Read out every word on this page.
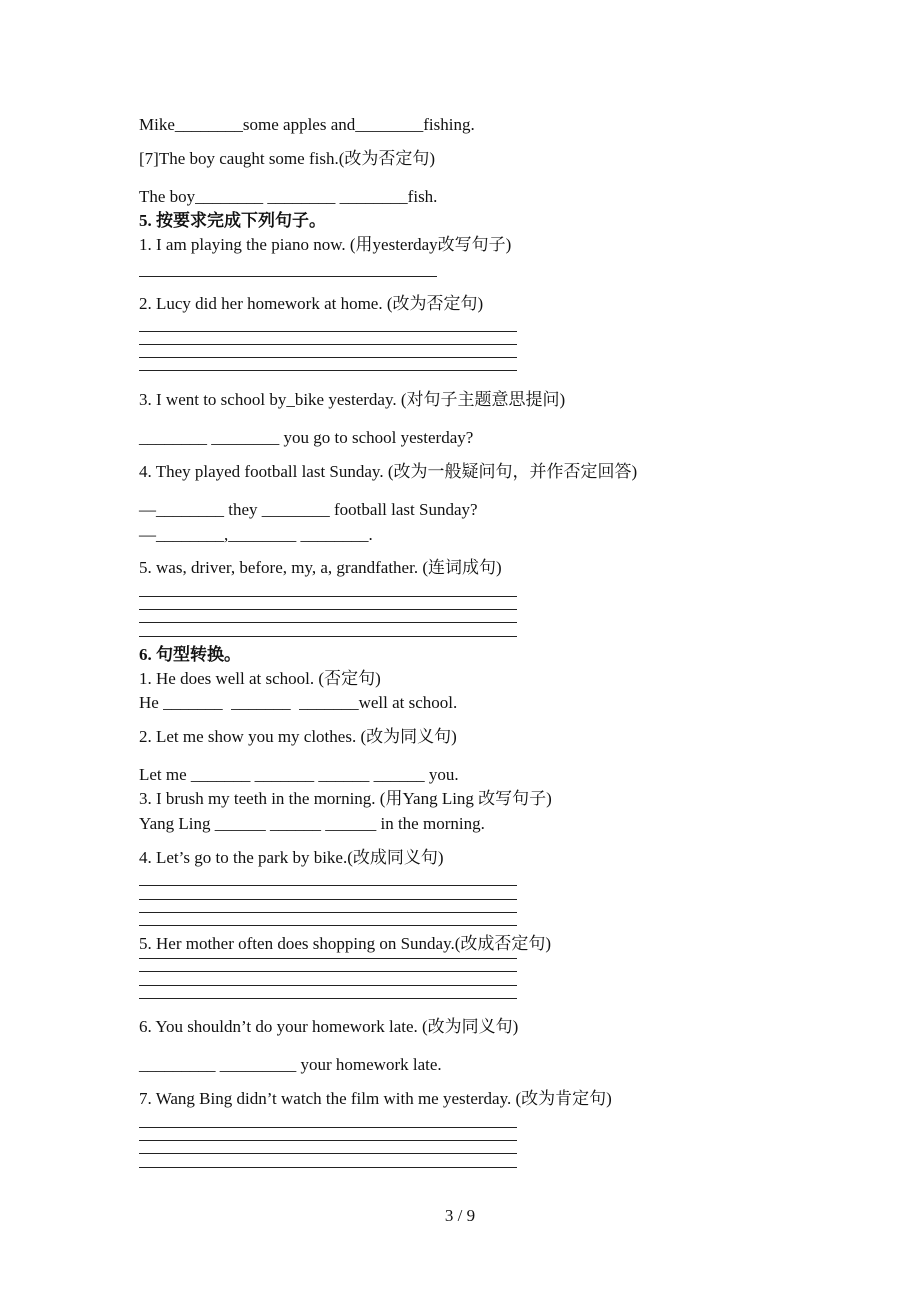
Mike________some apples and________fishing.
[7]The boy caught some fish.(改为否定句)
The boy________ ________ ________fish.
5. 按要求完成下列句子。
1. I am playing the piano now. (用yesterday改写句子)
2. Lucy did her homework at home. (改为否定句)
3. I went to school by_bike yesterday. (对句子主题意思提问)
________ ________ you go to school yesterday?
4. They played football last Sunday. (改为一般疑问句，并作否定回答)
—________ they ________ football last Sunday?
—________,________ ________.
5. was, driver, before, my, a, grandfather. (连词成句)
6. 句型转换。
1. He does well at school. (否定句)
He _______  _______  _______well at school.
2. Let me show you my clothes. (改为同义句)
Let me _______ _______ ______ ______ you.
3. I brush my teeth in the morning. (用Yang Ling 改写句子)
Yang Ling ______ ______ ______ in the morning.
4. Let’s go to the park by bike.(改成同义句)
5. Her mother often does shopping on Sunday.(改成否定句)
6. You shouldn’t do your homework late. (改为同义句)
_________ _________ your homework late.
7. Wang Bing didn’t watch the film with me yesterday. (改为肯定句)
3 / 9
